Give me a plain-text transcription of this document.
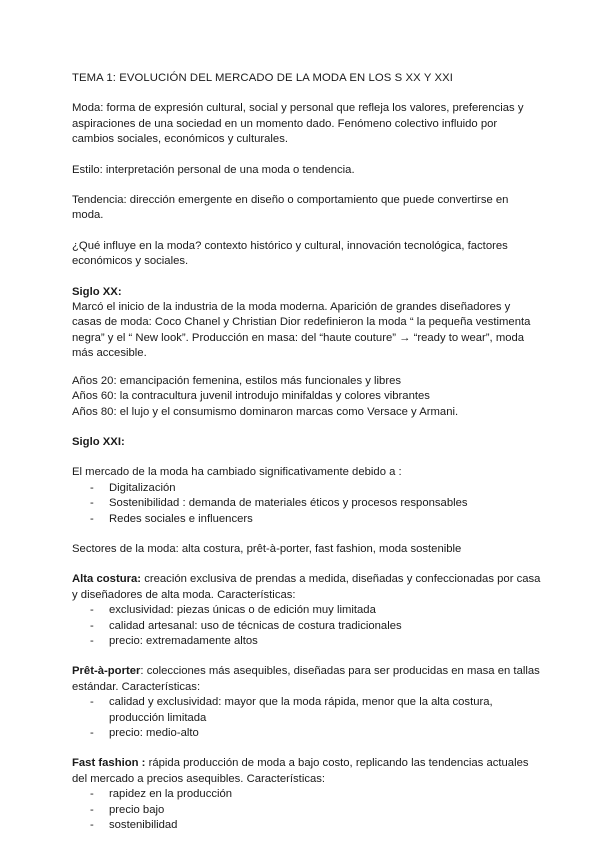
TEMA 1: EVOLUCIÓN DEL MERCADO DE LA MODA EN LOS S XX Y XXI

Moda: forma de expresión cultural, social y personal que refleja los valores, preferencias y aspiraciones de una sociedad en un momento dado. Fenómeno colectivo influido por cambios sociales, económicos y culturales.

Estilo: interpretación personal de una moda o tendencia.

Tendencia: dirección emergente en diseño o comportamiento que puede convertirse en moda.

¿Qué influye en la moda? contexto histórico y cultural, innovación tecnológica, factores económicos y sociales.

Siglo XX:

Marcó el inicio de la industria de la moda moderna. Aparición de grandes diseñadores y casas de moda: Coco Chanel y Christian Dior redefinieron la moda “ la pequeña vestimenta negra” y el “ New look”. Producción en masa: del “haute couture” → “ready to wear”, moda más accesible.

Años 20: emancipación femenina, estilos más funcionales y libres

Años 60: la contracultura juvenil introdujo minifaldas y colores vibrantes

Años 80: el lujo y el consumismo dominaron marcas como Versace y Armani.

Siglo XXI:

El mercado de la moda ha cambiado significativamente debido a :

- Digitalización
- Sostenibilidad : demanda de materiales éticos y procesos responsables
- Redes sociales e influencers

Sectores de la moda: alta costura, prêt-à-porter, fast fashion, moda sostenible

Alta costura: creación exclusiva de prendas a medida, diseñadas y confeccionadas por casa y diseñadores de alta moda. Características:

- exclusividad: piezas únicas o de edición muy limitada
- calidad artesanal: uso de técnicas de costura tradicionales
- precio: extremadamente altos

Prêt-à-porter: colecciones más asequibles, diseñadas para ser producidas en masa en tallas estándar. Características:

- calidad y exclusividad: mayor que la moda rápida, menor que la alta costura, producción limitada
- precio: medio-alto

Fast fashion : rápida producción de moda a bajo costo, replicando las tendencias actuales del mercado a precios asequibles. Características:

- rapidez en la producción
- precio bajo
- sostenibilidad
